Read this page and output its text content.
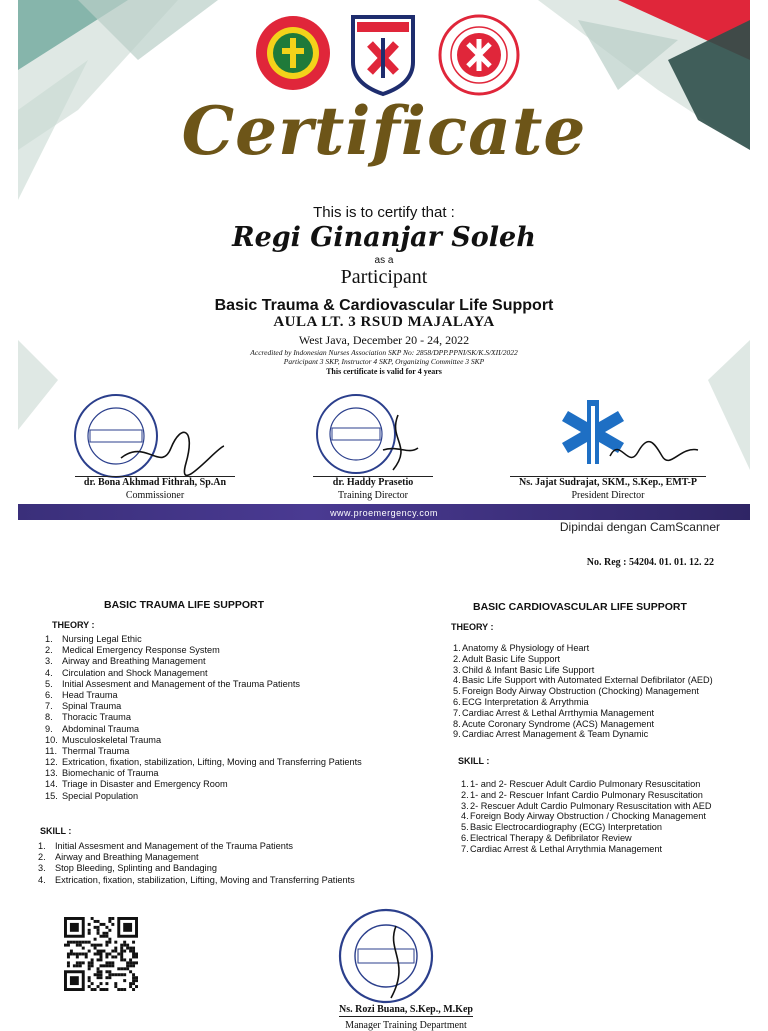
Certificate
This is to certify that :
Regi Ginanjar Soleh
as a
Participant
Basic Trauma & Cardiovascular Life Support
AULA LT. 3 RSUD MAJALAYA
West Java, December 20 - 24, 2022
Accredited by Indonesian Nurses Association SKP No: 2858/DPP.PPNI/SK/K.S/XII/2022
Participant 3 SKP, Instructor 4 SKP, Organizing Committee 3 SKP
This certificate is valid for 4 years
dr. Bona Akhmad Fithrah, Sp.An
Commissioner
dr. Haddy Prasetio
Training Director
Ns. Jajat Sudrajat, SKM., S.Kep., EMT-P
President Director
www.proemergency.com
Dipindai dengan CamScanner
No. Reg : 54204. 01. 01. 12. 22
BASIC TRAUMA LIFE SUPPORT
THEORY :
1. Nursing Legal Ethic
2. Medical Emergency Response System
3. Airway and Breathing Management
4. Circulation and Shock Management
5. Initial Assesment and Management of the Trauma Patients
6. Head Trauma
7. Spinal Trauma
8. Thoracic Trauma
9. Abdominal Trauma
10. Musculoskeletal Trauma
11. Thermal Trauma
12. Extrication, fixation, stabilization, Lifting, Moving and Transferring Patients
13. Biomechanic of Trauma
14. Triage in Disaster and Emergency Room
15. Special Population
SKILL :
1. Initial Assesment and Management of the Trauma Patients
2. Airway and Breathing Management
3. Stop Bleeding, Splinting and Bandaging
4. Extrication, fixation, stabilization, Lifting, Moving and Transferring Patients
BASIC CARDIOVASCULAR LIFE SUPPORT
THEORY :
1.Anatomy & Physiology of Heart
2.Adult Basic Life Support
3.Child & Infant Basic Life Support
4.Basic Life Support with Automated External Defibrilator (AED)
5.Foreign Body Airway Obstruction (Chocking) Management
6.ECG Interpretation & Arrythmia
7.Cardiac Arrest & Lethal Arrthymia Management
8.Acute Coronary Syndrome (ACS) Management
9.Cardiac Arrest Management & Team Dynamic
SKILL :
1.1- and 2- Rescuer Adult Cardio Pulmonary Resuscitation
2.1- and 2- Rescuer Infant Cardio Pulmonary Resuscitation
3.2- Rescuer Adult Cardio Pulmonary Resuscitation with AED
4.Foreign Body Airway Obstruction / Chocking Management
5.Basic Electrocardiography (ECG) Interpretation
6.Electrical Therapy & Defibrilator Review
7.Cardiac Arrest & Lethal Arrythmia Management
Ns. Rozi Buana, S.Kep., M.Kep
Manager Training Department
